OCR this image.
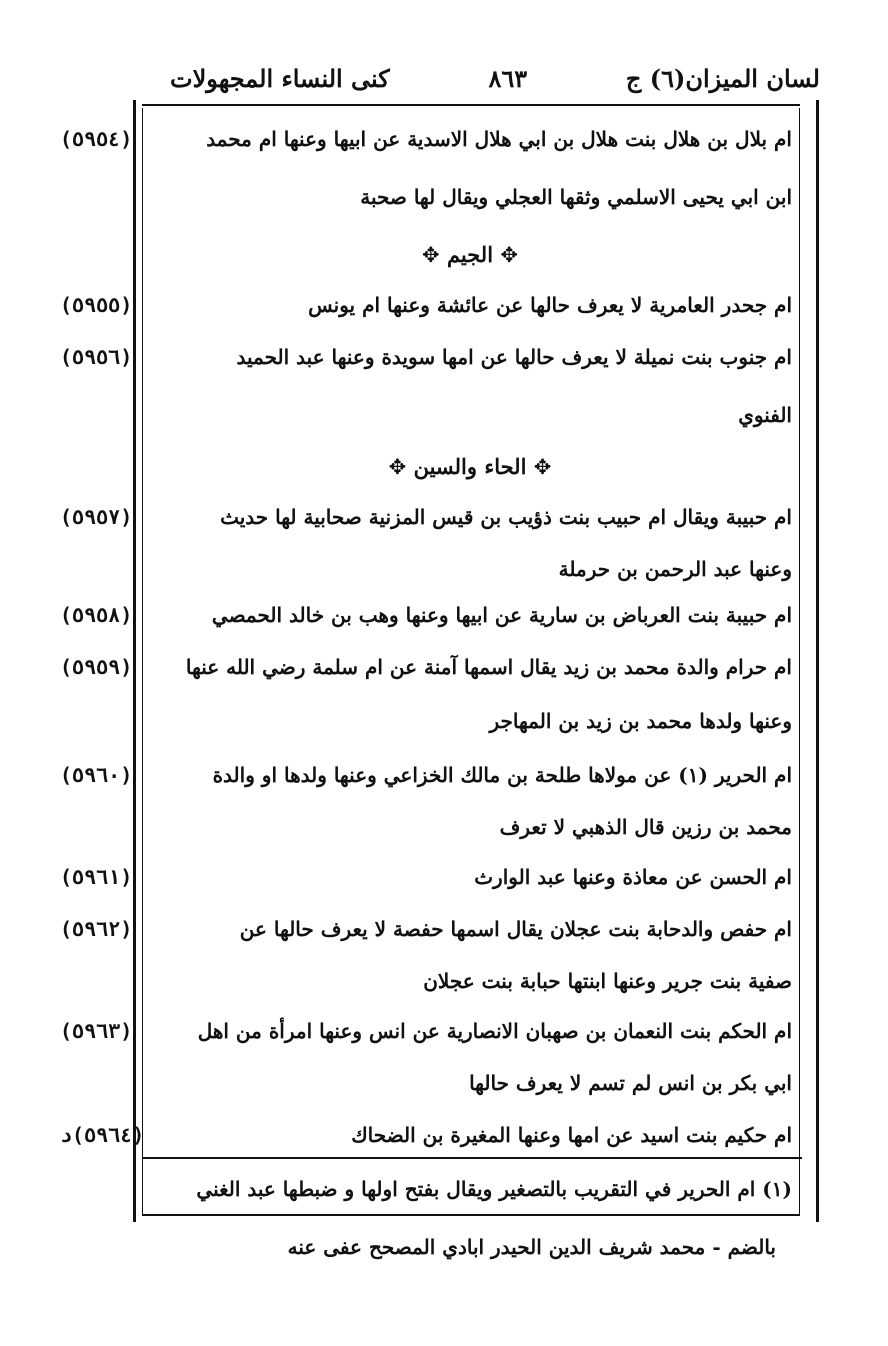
لسان الميزان(٦) ج
٨٦٣
كنى النساء المجهولات
(٥٩٥٤)	ام بلال بن هلال بنت هلال بن ابي هلال الاسدية عن ابيها وعنها ام محمد
ابن ابي يحيى الاسلمي وثقها العجلي ويقال لها صحبة
✥ الجيم ✥
(٥٩٥٥)	ام جحدر العامرية لا يعرف حالها عن عائشة وعنها ام يونس
(٥٩٥٦)	ام جنوب بنت نميلة لا يعرف حالها عن امها سويدة وعنها عبد الحميد
الفنوي
✥ الحاء والسين ✥
(٥٩٥٧)	ام حبيبة ويقال ام حبيب بنت ذؤيب بن قيس المزنية صحابية لها حديث
وعنها عبد الرحمن بن حرملة
(٥٩٥٨)	ام حبيبة بنت العرباض بن سارية عن ابيها وعنها وهب بن خالد الحمصي
(٥٩٥٩)	ام حرام والدة محمد بن زيد يقال اسمها آمنة عن ام سلمة رضي الله عنها
وعنها ولدها محمد بن زيد بن المهاجر
(٥٩٦٠)	ام الحرير (١) عن مولاها طلحة بن مالك الخزاعي وعنها ولدها او والدة
محمد بن رزين قال الذهبي لا تعرف
(٥٩٦١)	ام الحسن عن معاذة وعنها عبد الوارث
(٥٩٦٢)	ام حفص والدحابة بنت عجلان يقال اسمها حفصة لا يعرف حالها عن
صفية بنت جرير وعنها ابنتها حبابة بنت عجلان
(٥٩٦٣)	ام الحكم بنت النعمان بن صهبان الانصارية عن انس وعنها امرأة من اهل
ابي بكر بن انس لم تسم لا يعرف حالها
(٥٩٦٤)د	ام حكيم بنت اسيد عن امها وعنها المغيرة بن الضحاك
(١) ام الحرير في التقريب بالتصغير ويقال بفتح اولها و ضبطها عبد الغني
بالضم - محمد شريف الدين الحيدر ابادي المصحح عفى عنه
